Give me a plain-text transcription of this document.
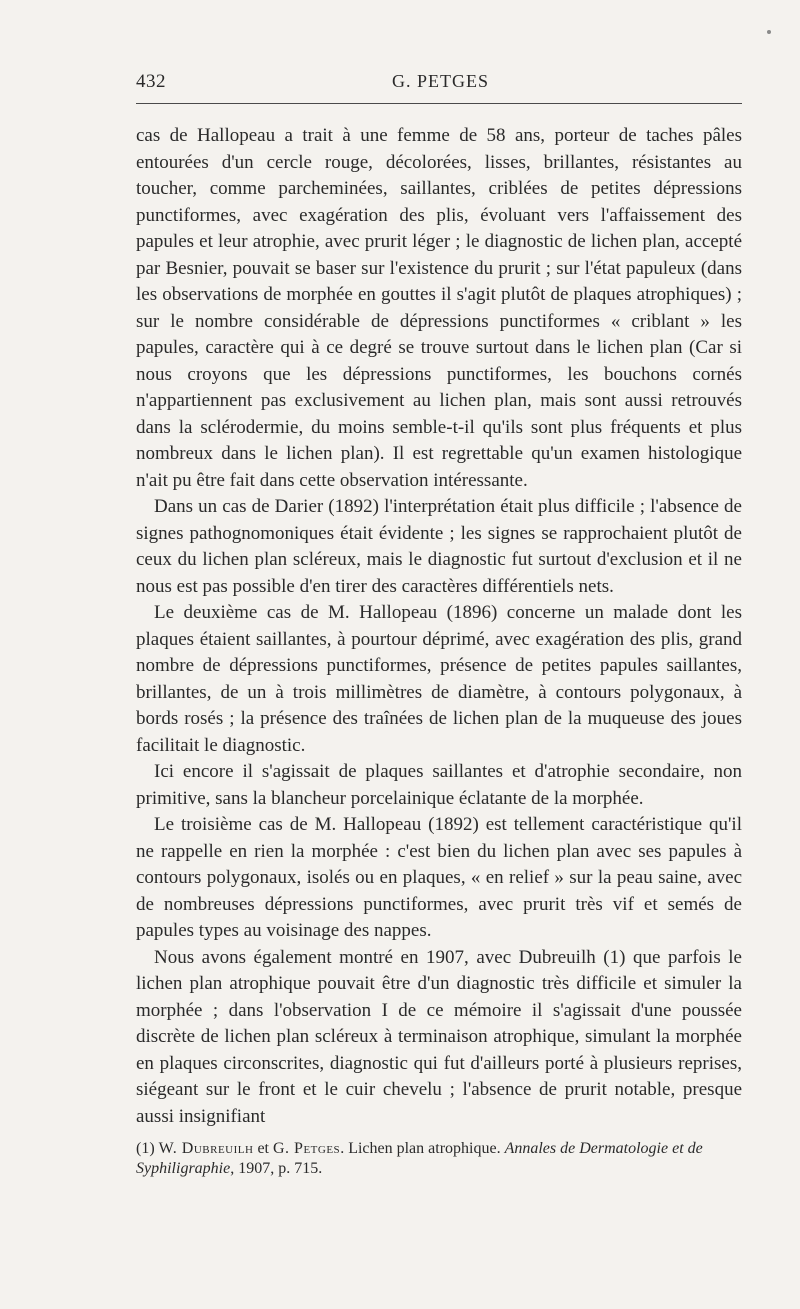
432	G. PETGES

cas de Hallopeau a trait à une femme de 58 ans, porteur de taches pâles entourées d'un cercle rouge, décolorées, lisses, brillantes, résistantes au toucher, comme parcheminées, saillantes, criblées de petites dépressions punctiformes, avec exagération des plis, évoluant vers l'affaissement des papules et leur atrophie, avec prurit léger ; le diagnostic de lichen plan, accepté par Besnier, pouvait se baser sur l'existence du prurit ; sur l'état papuleux (dans les observations de morphée en gouttes il s'agit plutôt de plaques atrophiques) ; sur le nombre considérable de dépressions punctiformes « criblant » les papules, caractère qui à ce degré se trouve surtout dans le lichen plan (Car si nous croyons que les dépressions punctiformes, les bouchons cornés n'appartiennent pas exclusivement au lichen plan, mais sont aussi retrouvés dans la sclérodermie, du moins semble-t-il qu'ils sont plus fréquents et plus nombreux dans le lichen plan). Il est regrettable qu'un examen histologique n'ait pu être fait dans cette observation intéressante.

Dans un cas de Darier (1892) l'interprétation était plus difficile ; l'absence de signes pathognomoniques était évidente ; les signes se rapprochaient plutôt de ceux du lichen plan scléreux, mais le diagnostic fut surtout d'exclusion et il ne nous est pas possible d'en tirer des caractères différentiels nets.

Le deuxième cas de M. Hallopeau (1896) concerne un malade dont les plaques étaient saillantes, à pourtour déprimé, avec exagération des plis, grand nombre de dépressions punctiformes, présence de petites papules saillantes, brillantes, de un à trois millimètres de diamètre, à contours polygonaux, à bords rosés ; la présence des traînées de lichen plan de la muqueuse des joues facilitait le diagnostic.

Ici encore il s'agissait de plaques saillantes et d'atrophie secondaire, non primitive, sans la blancheur porcelainique éclatante de la morphée.

Le troisième cas de M. Hallopeau (1892) est tellement caractéristique qu'il ne rappelle en rien la morphée : c'est bien du lichen plan avec ses papules à contours polygonaux, isolés ou en plaques, « en relief » sur la peau saine, avec de nombreuses dépressions punctiformes, avec prurit très vif et semés de papules types au voisinage des nappes.

Nous avons également montré en 1907, avec Dubreuilh (1) que parfois le lichen plan atrophique pouvait être d'un diagnostic très difficile et simuler la morphée ; dans l'observation I de ce mémoire il s'agissait d'une poussée discrète de lichen plan scléreux à terminaison atrophique, simulant la morphée en plaques circonscrites, diagnostic qui fut d'ailleurs porté à plusieurs reprises, siégeant sur le front et le cuir chevelu ; l'absence de prurit notable, presque aussi insignifiant

(1) W. Dubreuilh et G. Petges. Lichen plan atrophique. Annales de Dermatologie et de Syphiligraphie, 1907, p. 715.
